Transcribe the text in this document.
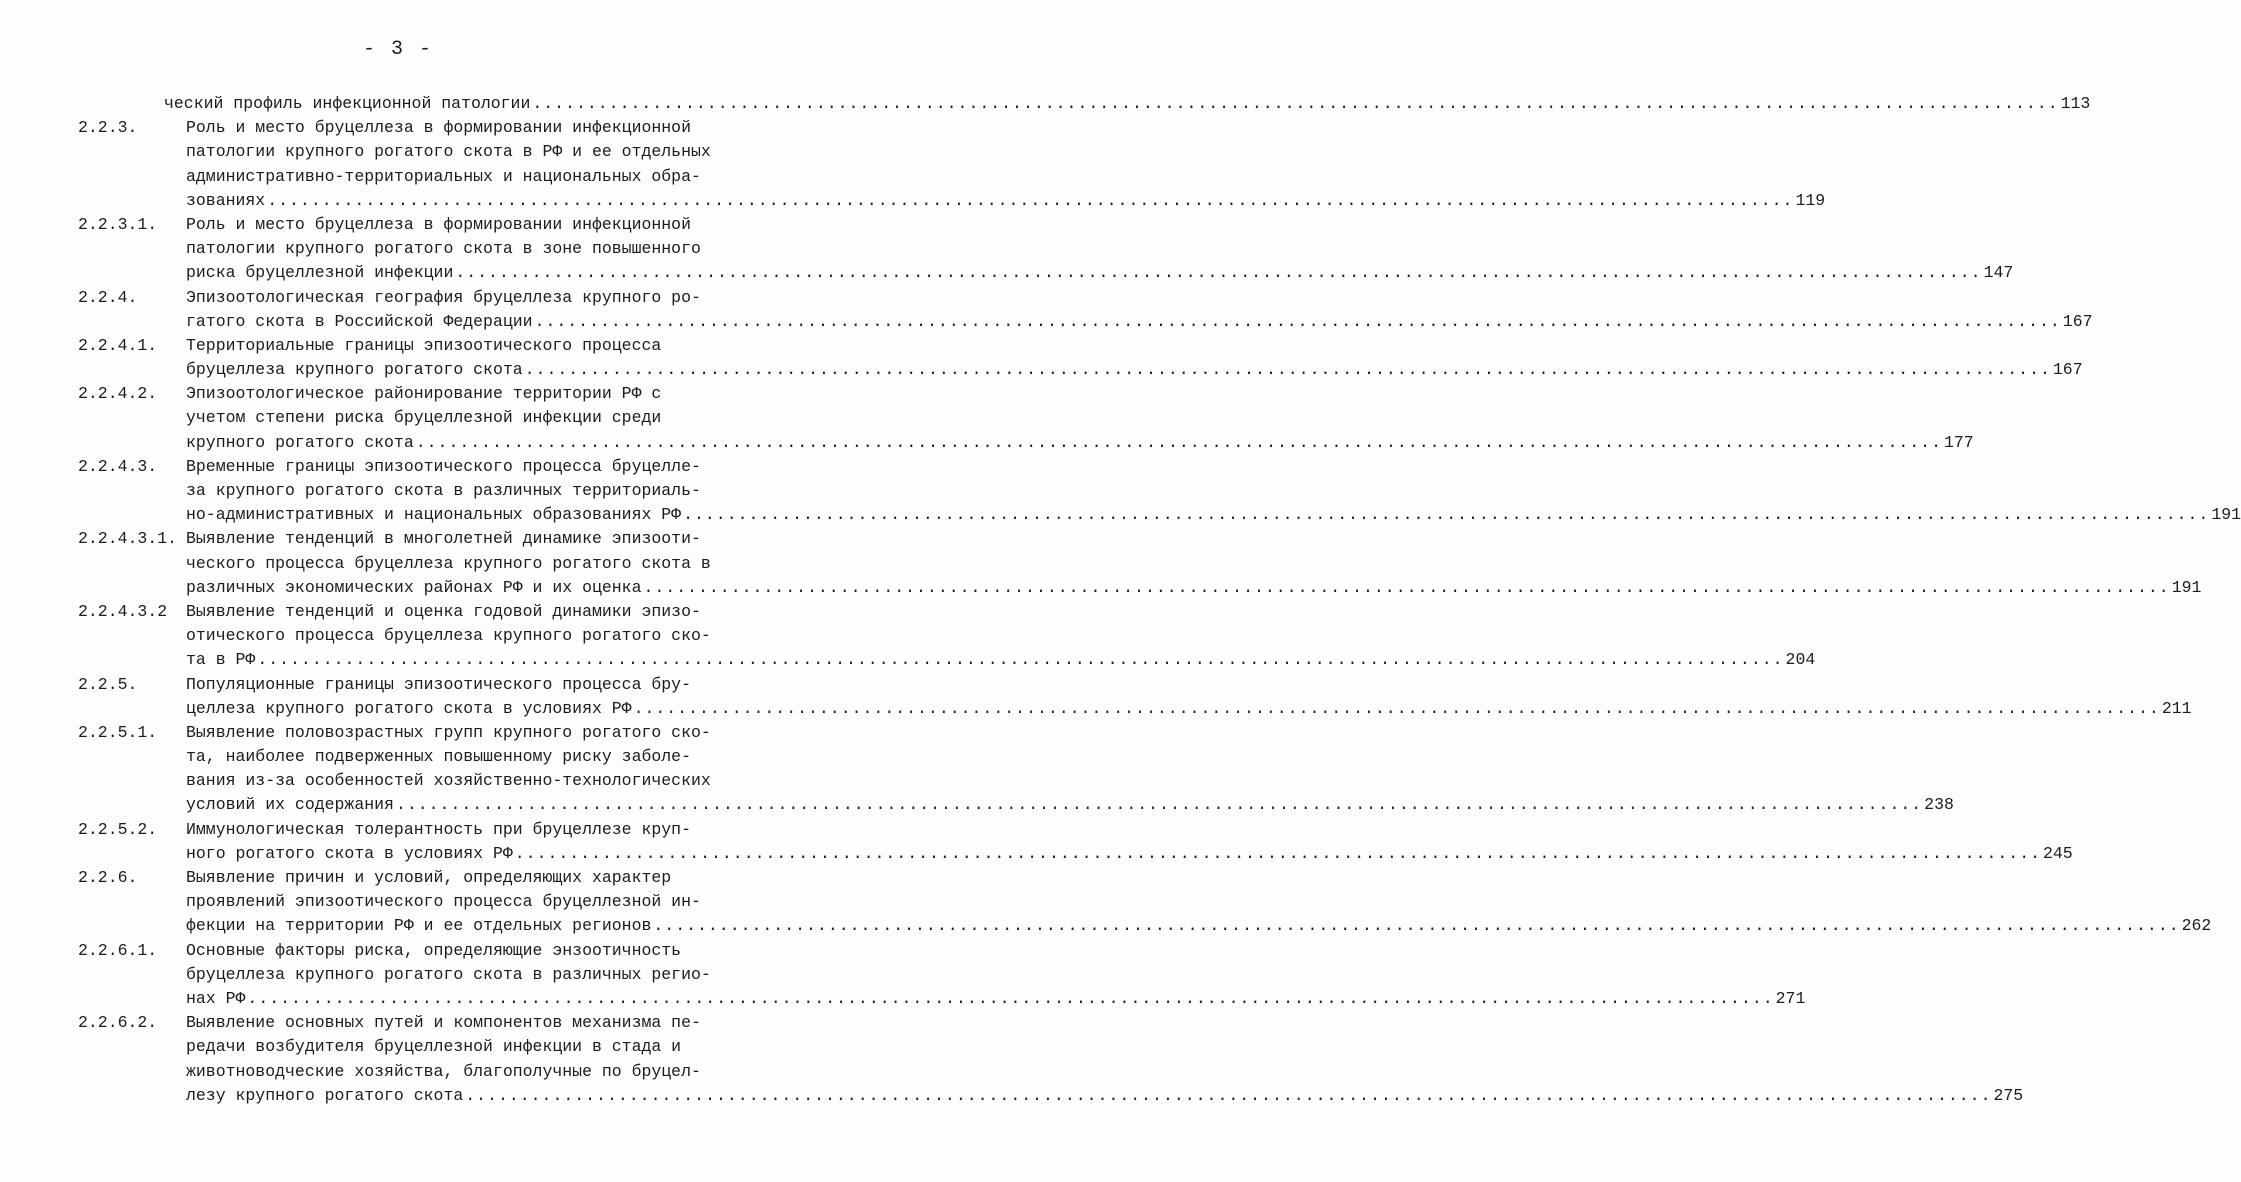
- 3 -
ческий профиль инфекционной патологии ............................................................................................................................................ 113
2.2.3.	Роль и место бруцеллеза в формировании инфекционной
патологии крупного рогатого скота в РФ и ее отдельных
административно-территориальных и национальных обра-
зованиях ............................................................................................................................................ 119
2.2.3.1. Роль и место бруцеллеза в формировании инфекционной
патологии крупного рогатого скота в зоне повышенного
риска бруцеллезной инфекции ............................................................................................................................................ 147
2.2.4.	Эпизоотологическая география бруцеллеза крупного ро-
гатого скота в Российской Федерации ............................................................................................................................................ 167
2.2.4.1. Территориальные границы эпизоотического процесса
бруцеллеза крупного рогатого скота ............................................................................................................................................ 167
2.2.4.2. Эпизоотологическое районирование территории РФ с
учетом степени риска бруцеллезной инфекции среди
крупного рогатого скота ............................................................................................................................................ 177
2.2.4.3. Временные границы эпизоотического процесса бруцелле-
за крупного рогатого скота в различных территориаль-
но-административных и национальных образованиях РФ ............................................................................................................................................ 191
2.2.4.3.1. Выявление тенденций в многолетней динамике эпизооти-
ческого процесса бруцеллеза крупного рогатого скота в
различных экономических районах РФ и их оценка ............................................................................................................................................ 191
2.2.4.3.2 Выявление тенденций и оценка годовой динамики эпизо-
отического процесса бруцеллеза крупного рогатого ско-
та в РФ ............................................................................................................................................ 204
2.2.5.	Популяционные границы эпизоотического процесса бру-
целлеза крупного рогатого скота в условиях РФ ............................................................................................................................................ 211
2.2.5.1. Выявление половозрастных групп крупного рогатого ско-
та, наиболее подверженных повышенному риску заболе-
вания из-за особенностей хозяйственно-технологических
условий их содержания ............................................................................................................................................ 238
2.2.5.2. Иммунологическая толерантность при бруцеллезе круп-
ного рогатого скота в условиях РФ ............................................................................................................................................ 245
2.2.6.	Выявление причин и условий, определяющих характер
проявлений эпизоотического процесса бруцеллезной ин-
фекции на территории РФ и ее отдельных регионов ............................................................................................................................................ 262
2.2.6.1. Основные факторы риска, определяющие энзоотичность
бруцеллеза крупного рогатого скота в различных регио-
нах РФ ............................................................................................................................................ 271
2.2.6.2. Выявление основных путей и компонентов механизма пе-
редачи возбудителя бруцеллезной инфекции в стада и
животноводческие хозяйства, благополучные по бруцел-
лезу крупного рогатого скота ............................................................................................................................................ 275
